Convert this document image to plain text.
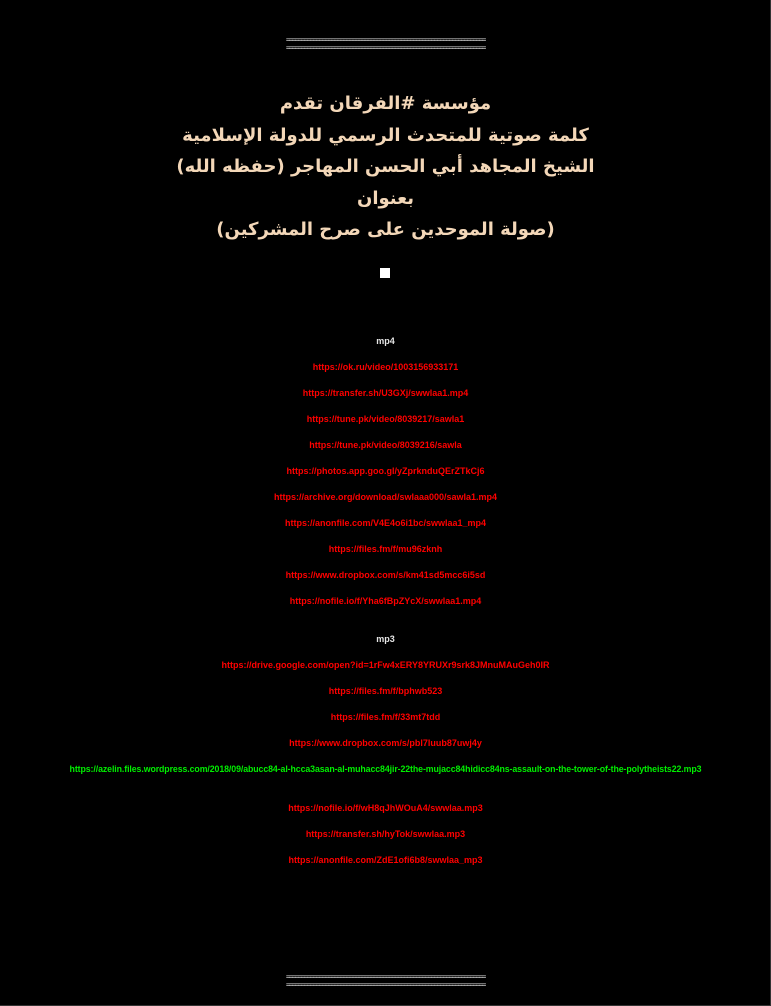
==================================================================
==================================================================
مؤسسة #الفرقان تقدم
كلمة صوتية للمتحدث الرسمي للدولة الإسلامية
الشيخ المجاهد أبي الحسن المهاجر (حفظه الله)
بعنوان
(صولة الموحدين على صرح المشركين)
mp4
https://ok.ru/video/1003156933171
https://transfer.sh/U3GXj/swwlaa1.mp4
https://tune.pk/video/8039217/sawla1
https://tune.pk/video/8039216/sawla
https://photos.app.goo.gl/yZprknduQErZTkCj6
https://archive.org/download/swlaaa000/sawla1.mp4
https://anonfile.com/V4E4o6i1bc/swwlaa1_mp4
https://files.fm/f/mu96zknh
https://www.dropbox.com/s/km41sd5mcc6i5sd
https://nofile.io/f/Yha6fBpZYcX/swwlaa1.mp4
mp3
https://drive.google.com/open?id=1rFw4xERY8YRUXr9srk8JMnuMAuGeh0IR
https://files.fm/f/bphwb523
https://files.fm/f/33mt7tdd
https://www.dropbox.com/s/pbl7luub87uwj4y
https://azelin.files.wordpress.com/2018/09/abucc84-al-hcca3asan-al-muhacc84jir-22the-mujacc84hidicc84ns-assault-on-the-tower-of-the-polytheists22.mp3
https://nofile.io/f/wH8qJhWOuA4/swwlaa.mp3
https://transfer.sh/hyTok/swwlaa.mp3
https://anonfile.com/ZdE1ofi6b8/swwlaa_mp3
==================================================================
==================================================================
